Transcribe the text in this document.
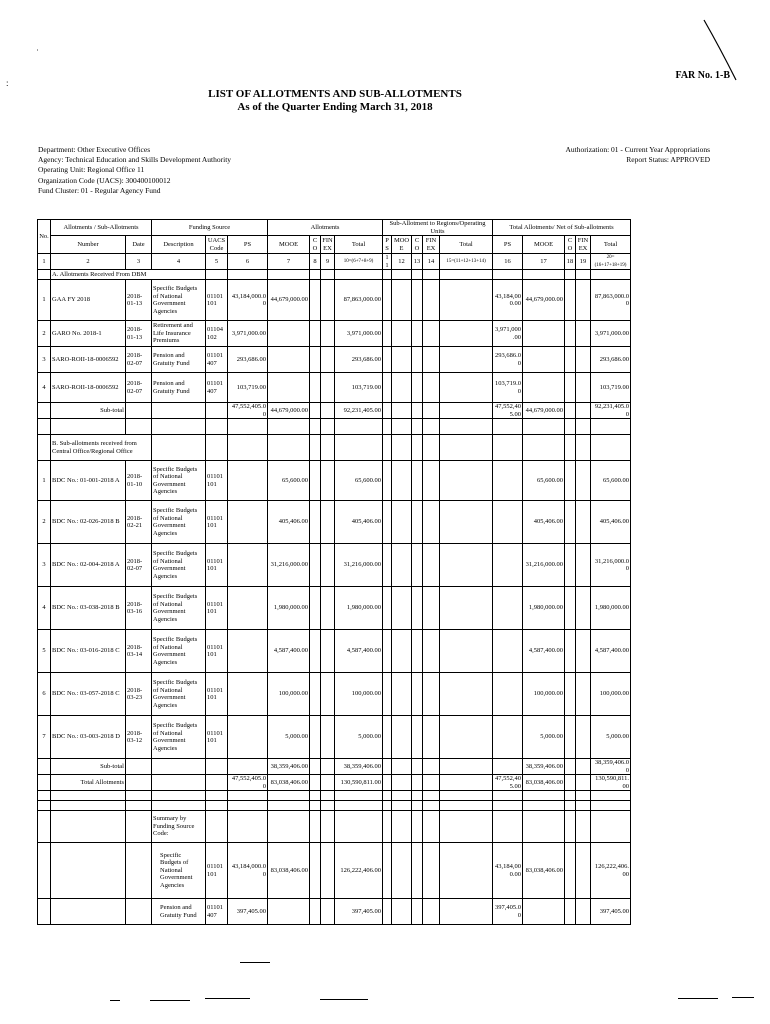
ʿ
FAR No. 1-B
LIST OF ALLOTMENTS AND SUB-ALLOTMENTS
As of the Quarter Ending March 31, 2018
Department: Other Executive Offices
Agency: Technical Education and Skills Development Authority
Operating Unit: Regional Office 11
Organization Code (UACS): 300400100012
Fund Cluster: 01 - Regular Agency Fund
Authorization: 01 - Current Year Appropriations
Report Status: APPROVED
No.	Allotments / Sub-Allotments		Funding Source			Allotments				Sub-Allotment to Regions/Operating Units					Total Allotments/ Net of Sub-allotments				
	Number	Date	Description	UACS Code	PS	MOOE	CO	FINEX	Total	PS	MOOE	CO	FINEX	Total	PS	MOOE	CO	FINEX	Total
1	2	3	4	5	6	7	8	9	10=(6+7+8+9)	11	12	13	14	15=(11+12+13+14)	16	17	18	19	20=(16+17+18+19)
	A. Allotments Received From DBM																		
1	GAA FY 2018	2018-01-13	Specific Budgets of National Government Agencies	01101101	43,184,000.00	44,679,000.00			87,863,000.00						43,184,000.00	44,679,000.00			87,863,000.00
2	GARO No. 2018-1	2018-01-13	Retirement and Life Insurance Premiums	01104102	3,971,000.00				3,971,000.00						3,971,000.00				3,971,000.00
3	SARO-ROII-18-0006592	2018-02-07	Pension and Gratuity Fund	01101407	293,686.00				293,686.00						293,686.00				293,686.00
4	SARO-ROII-18-0006592	2018-02-07	Pension and Gratuity Fund	01101407	103,719.00				103,719.00						103,719.00				103,719.00
	Sub-total				47,552,405.00	44,679,000.00			92,231,405.00						47,552,405.00	44,679,000.00			92,231,405.00

	B. Sub-allotments received from Central Office/Regional Office																		
1	BDC No.: 01-001-2018 A	2018-01-10	Specific Budgets of National Government Agencies	01101101		65,600.00			65,600.00							65,600.00			65,600.00
2	BDC No.: 02-026-2018 B	2018-02-21	Specific Budgets of National Government Agencies	01101101		405,406.00			405,406.00							405,406.00			405,406.00
3	BDC No.: 02-004-2018 A	2018-02-07	Specific Budgets of National Government Agencies	01101101		31,216,000.00			31,216,000.00							31,216,000.00			31,216,000.00
4	BDC No.: 03-038-2018 B	2018-03-16	Specific Budgets of National Government Agencies	01101101		1,980,000.00			1,980,000.00							1,980,000.00			1,980,000.00
5	BDC No.: 03-016-2018 C	2018-03-14	Specific Budgets of National Government Agencies	01101101		4,587,400.00			4,587,400.00							4,587,400.00			4,587,400.00
6	BDC No.: 03-057-2018 C	2018-03-23	Specific Budgets of National Government Agencies	01101101		100,000.00			100,000.00							100,000.00			100,000.00
7	BDC No.: 03-003-2018 D	2018-03-12	Specific Budgets of National Government Agencies	01101101		5,000.00			5,000.00							5,000.00			5,000.00
	Sub-total					38,359,406.00			38,359,406.00							38,359,406.00			38,359,406.00
	Total Allotments				47,552,405.00	83,038,406.00			130,590,811.00						47,552,405.00	83,038,406.00			130,590,811.00

			Summary by Funding Source Code:																
			Specific Budgets of National Government Agencies	01101101	43,184,000.00	83,038,406.00			126,222,406.00						43,184,000.00	83,038,406.00			126,222,406.00
			Pension and Gratuity Fund	01101407	397,405.00				397,405.00						397,405.00				397,405.00
